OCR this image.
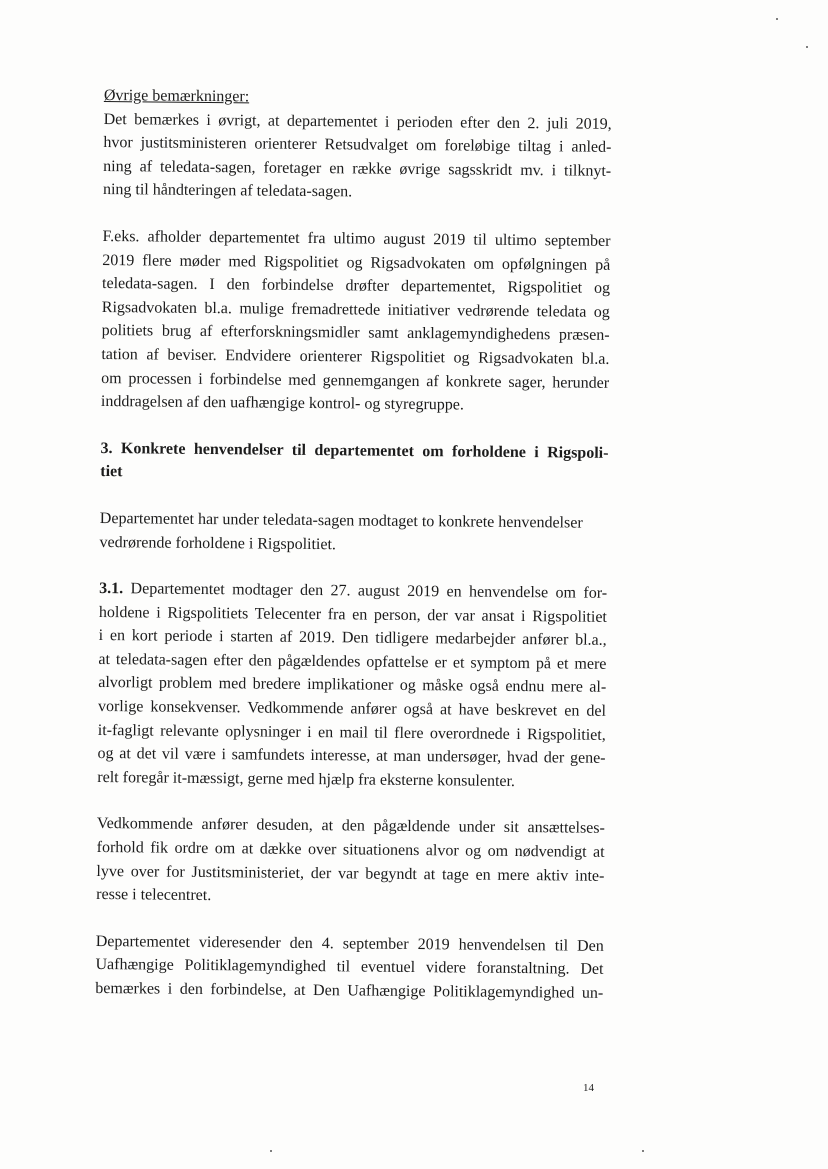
Øvrige bemærkninger:
Det bemærkes i øvrigt, at departementet i perioden efter den 2. juli 2019,
hvor justitsministeren orienterer Retsudvalget om foreløbige tiltag i anled-
ning af teledata-sagen, foretager en række øvrige sagsskridt mv. i tilknyt-
ning til håndteringen af teledata-sagen.
F.eks. afholder departementet fra ultimo august 2019 til ultimo september
2019 flere møder med Rigspolitiet og Rigsadvokaten om opfølgningen på
teledata-sagen. I den forbindelse drøfter departementet, Rigspolitiet og
Rigsadvokaten bl.a. mulige fremadrettede initiativer vedrørende teledata og
politiets brug af efterforskningsmidler samt anklagemyndighedens præsen-
tation af beviser. Endvidere orienterer Rigspolitiet og Rigsadvokaten bl.a.
om processen i forbindelse med gennemgangen af konkrete sager, herunder
inddragelsen af den uafhængige kontrol- og styregruppe.
3. Konkrete henvendelser til departementet om forholdene i Rigspoli-
tiet
Departementet har under teledata-sagen modtaget to konkrete henvendelser
vedrørende forholdene i Rigspolitiet.
3.1. Departementet modtager den 27. august 2019 en henvendelse om for-
holdene i Rigspolitiets Telecenter fra en person, der var ansat i Rigspolitiet
i en kort periode i starten af 2019. Den tidligere medarbejder anfører bl.a.,
at teledata-sagen efter den pågældendes opfattelse er et symptom på et mere
alvorligt problem med bredere implikationer og måske også endnu mere al-
vorlige konsekvenser. Vedkommende anfører også at have beskrevet en del
it-fagligt relevante oplysninger i en mail til flere overordnede i Rigspolitiet,
og at det vil være i samfundets interesse, at man undersøger, hvad der gene-
relt foregår it-mæssigt, gerne med hjælp fra eksterne konsulenter.
Vedkommende anfører desuden, at den pågældende under sit ansættelses-
forhold fik ordre om at dække over situationens alvor og om nødvendigt at
lyve over for Justitsministeriet, der var begyndt at tage en mere aktiv inte-
resse i telecentret.
Departementet videresender den 4. september 2019 henvendelsen til Den
Uafhængige Politiklagemyndighed til eventuel videre foranstaltning. Det
bemærkes i den forbindelse, at Den Uafhængige Politiklagemyndighed un-
14
